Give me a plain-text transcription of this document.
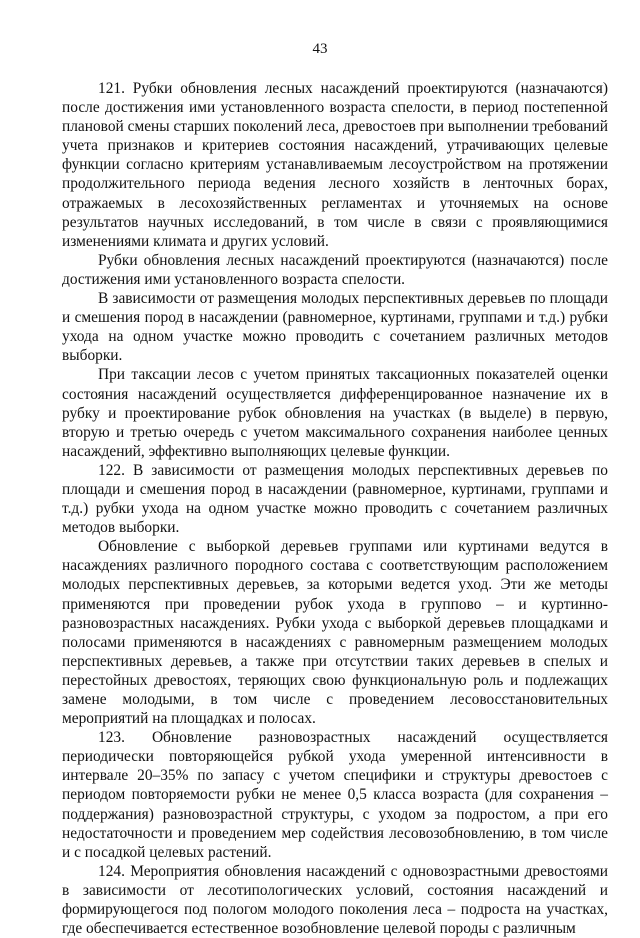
43

121. Рубки обновления лесных насаждений проектируются (назначаются) после достижения ими установленного возраста спелости, в период постепенной плановой смены старших поколений леса, древостоев при выполнении требований учета признаков и критериев состояния насаждений, утрачивающих целевые функции согласно критериям устанавливаемым лесоустройством на протяжении продолжительного периода ведения лесного хозяйств в ленточных борах, отражаемых в лесохозяйственных регламентах и уточняемых на основе результатов научных исследований, в том числе в связи с проявляющимися изменениями климата и других условий.

Рубки обновления лесных насаждений проектируются (назначаются) после достижения ими установленного возраста спелости.

В зависимости от размещения молодых перспективных деревьев по площади и смешения пород в насаждении (равномерное, куртинами, группами и т.д.) рубки ухода на одном участке можно проводить с сочетанием различных методов выборки.

При таксации лесов с учетом принятых таксационных показателей оценки состояния насаждений осуществляется дифференцированное назначение их в рубку и проектирование рубок обновления на участках (в выделе) в первую, вторую и третью очередь с учетом максимального сохранения наиболее ценных насаждений, эффективно выполняющих целевые функции.

122. В зависимости от размещения молодых перспективных деревьев по площади и смешения пород в насаждении (равномерное, куртинами, группами и т.д.) рубки ухода на одном участке можно проводить с сочетанием различных методов выборки.

Обновление с выборкой деревьев группами или куртинами ведутся в насаждениях различного породного состава с соответствующим расположением молодых перспективных деревьев, за которыми ведется уход. Эти же методы применяются при проведении рубок ухода в группово – и куртинно-разновозрастных насаждениях. Рубки ухода с выборкой деревьев площадками и полосами применяются в насаждениях с равномерным размещением молодых перспективных деревьев, а также при отсутствии таких деревьев в спелых и перестойных древостоях, теряющих свою функциональную роль и подлежащих замене молодыми, в том числе с проведением лесовосстановительных мероприятий на площадках и полосах.

123. Обновление разновозрастных насаждений осуществляется периодически повторяющейся рубкой ухода умеренной интенсивности в интервале 20–35% по запасу с учетом специфики и структуры древостоев с периодом повторяемости рубки не менее 0,5 класса возраста (для сохранения – поддержания) разновозрастной структуры, с уходом за подростом, а при его недостаточности и проведением мер содействия лесовозобновлению, в том числе и с посадкой целевых растений.

124. Мероприятия обновления насаждений с одновозрастными древостоями в зависимости от лесотипологических условий, состояния насаждений и формирующегося под пологом молодого поколения леса – подроста на участках, где обеспечивается естественное возобновление целевой породы с различным
